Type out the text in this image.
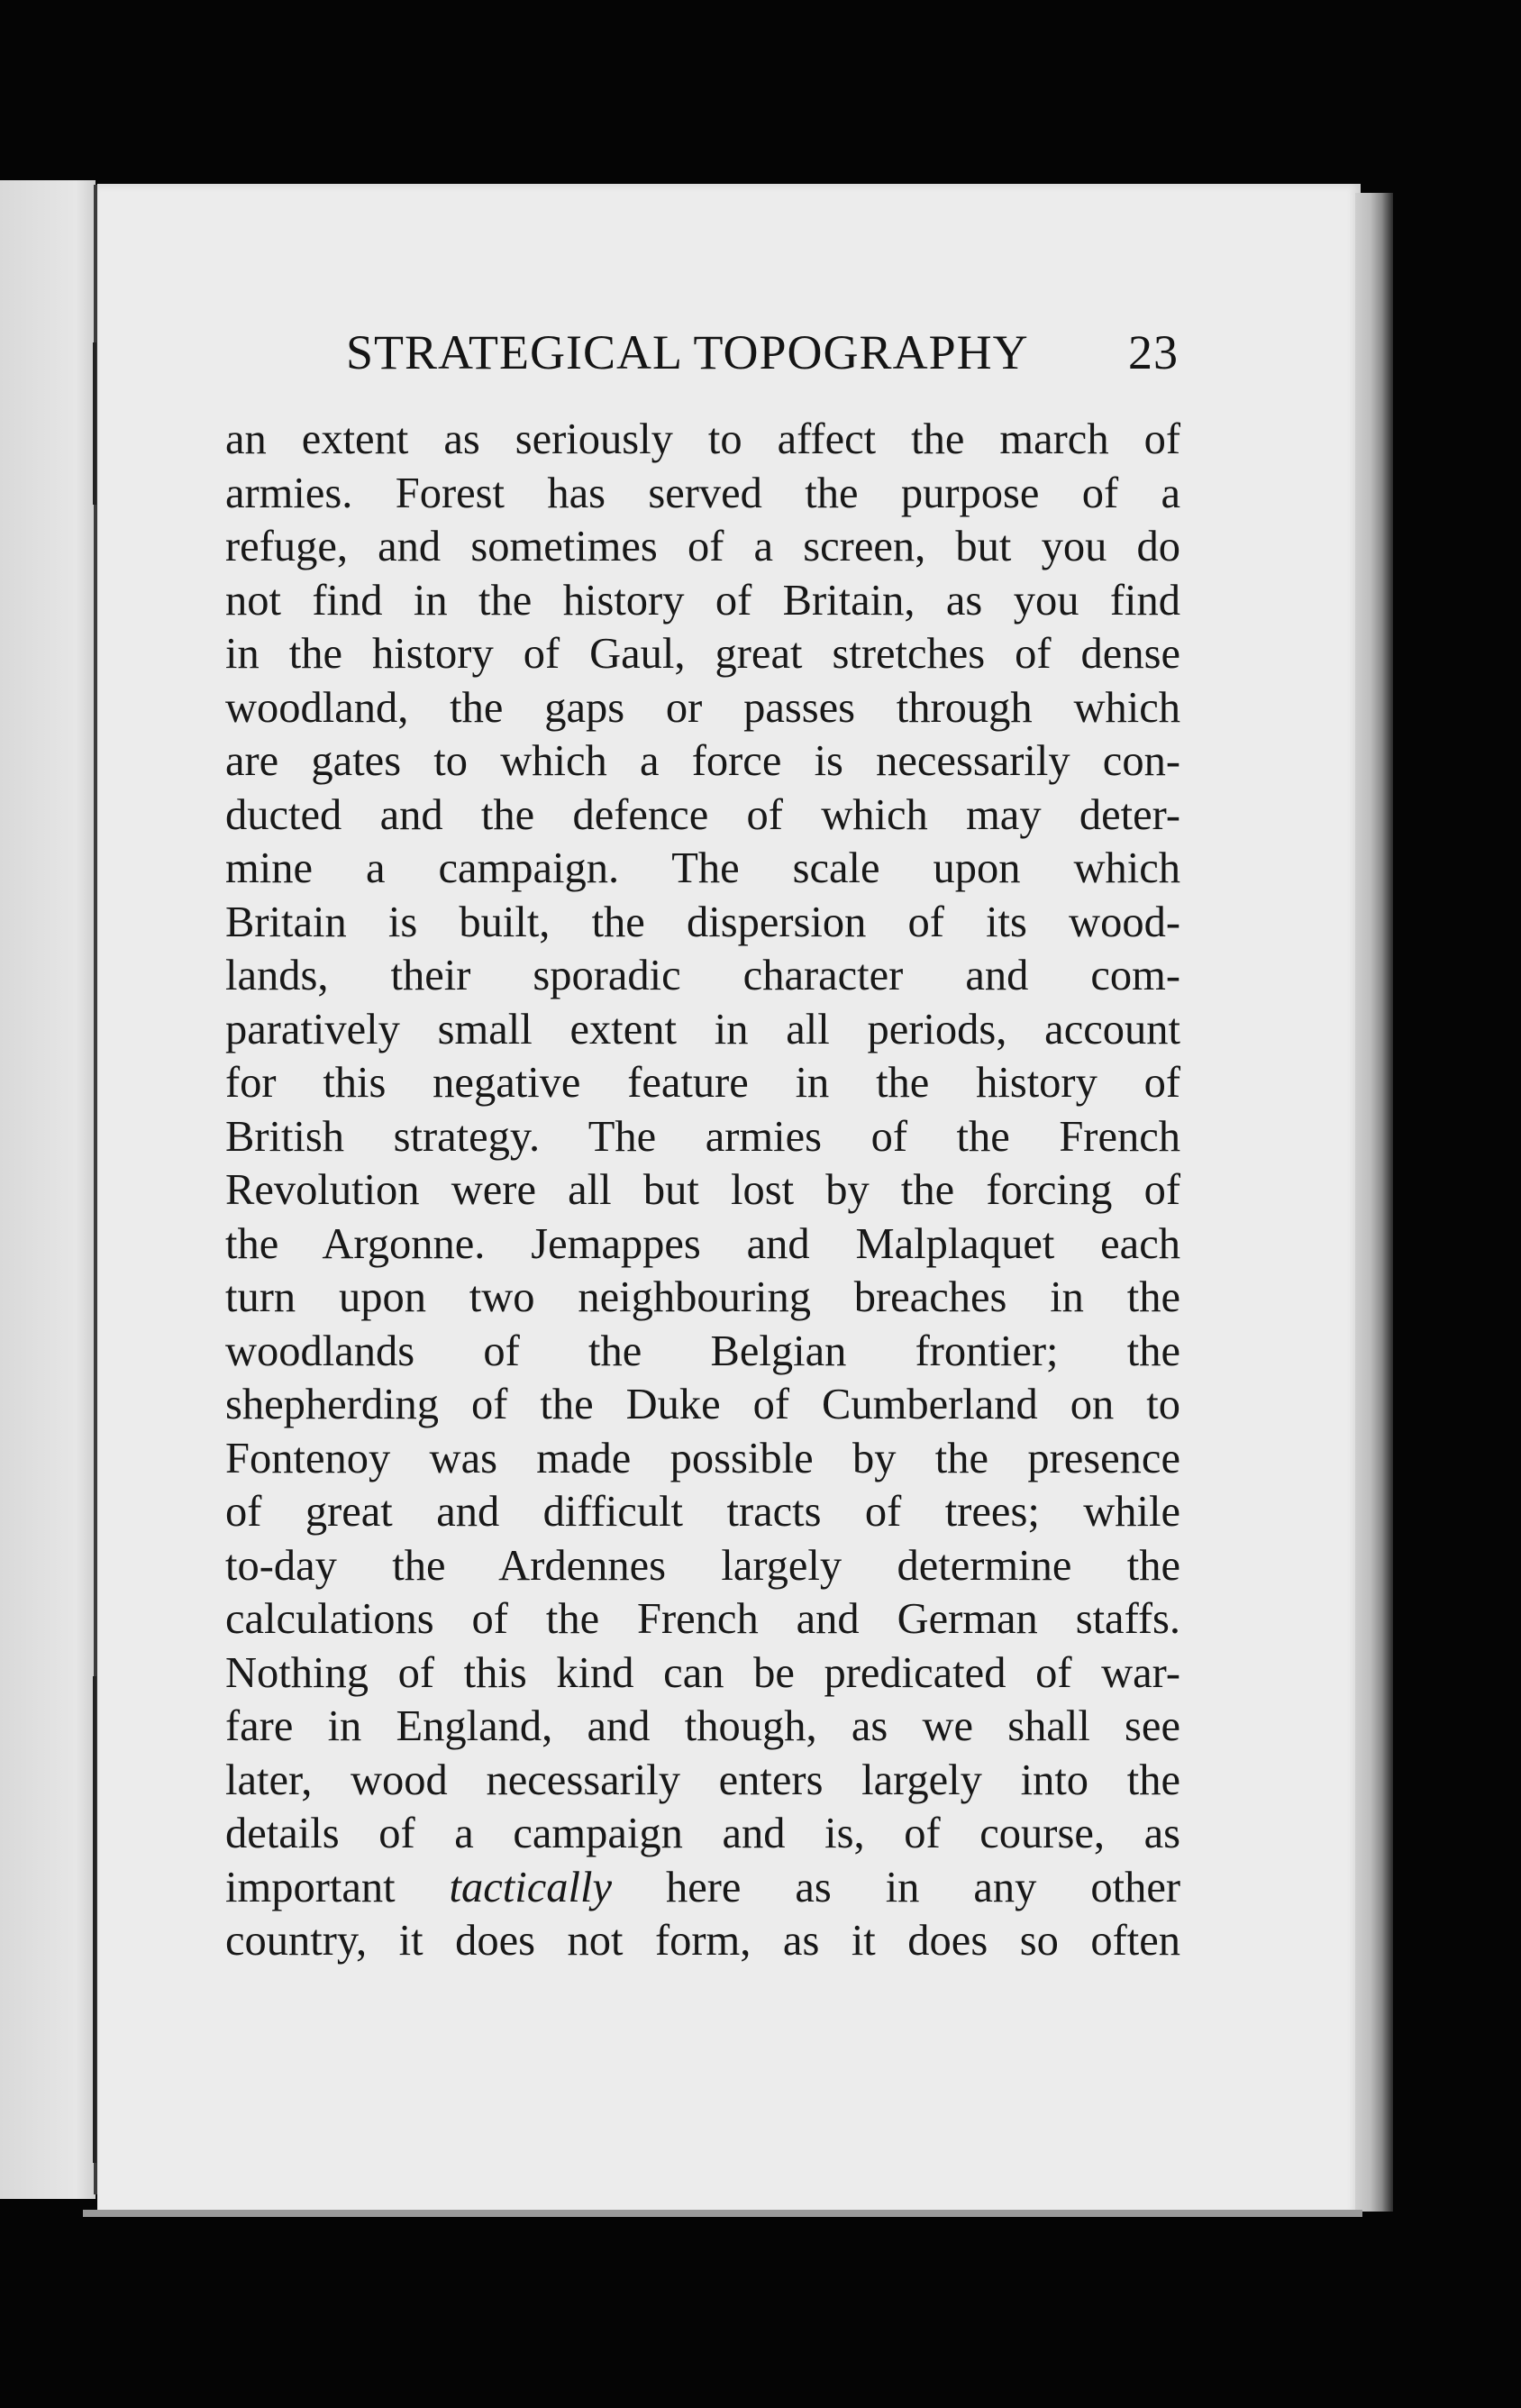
STRATEGICAL TOPOGRAPHY 23
an extent as seriously to affect the march of
armies. Forest has served the purpose of a
refuge, and sometimes of a screen, but you do
not find in the history of Britain, as you find
in the history of Gaul, great stretches of dense
woodland, the gaps or passes through which
are gates to which a force is necessarily con-
ducted and the defence of which may deter-
mine a campaign. The scale upon which
Britain is built, the dispersion of its wood-
lands, their sporadic character and com-
paratively small extent in all periods, account
for this negative feature in the history of
British strategy. The armies of the French
Revolution were all but lost by the forcing of
the Argonne. Jemappes and Malplaquet each
turn upon two neighbouring breaches in the
woodlands of the Belgian frontier; the
shepherding of the Duke of Cumberland on to
Fontenoy was made possible by the presence
of great and difficult tracts of trees; while
to-day the Ardennes largely determine the
calculations of the French and German staffs.
Nothing of this kind can be predicated of war-
fare in England, and though, as we shall see
later, wood necessarily enters largely into the
details of a campaign and is, of course, as
important tactically here as in any other
country, it does not form, as it does so often
